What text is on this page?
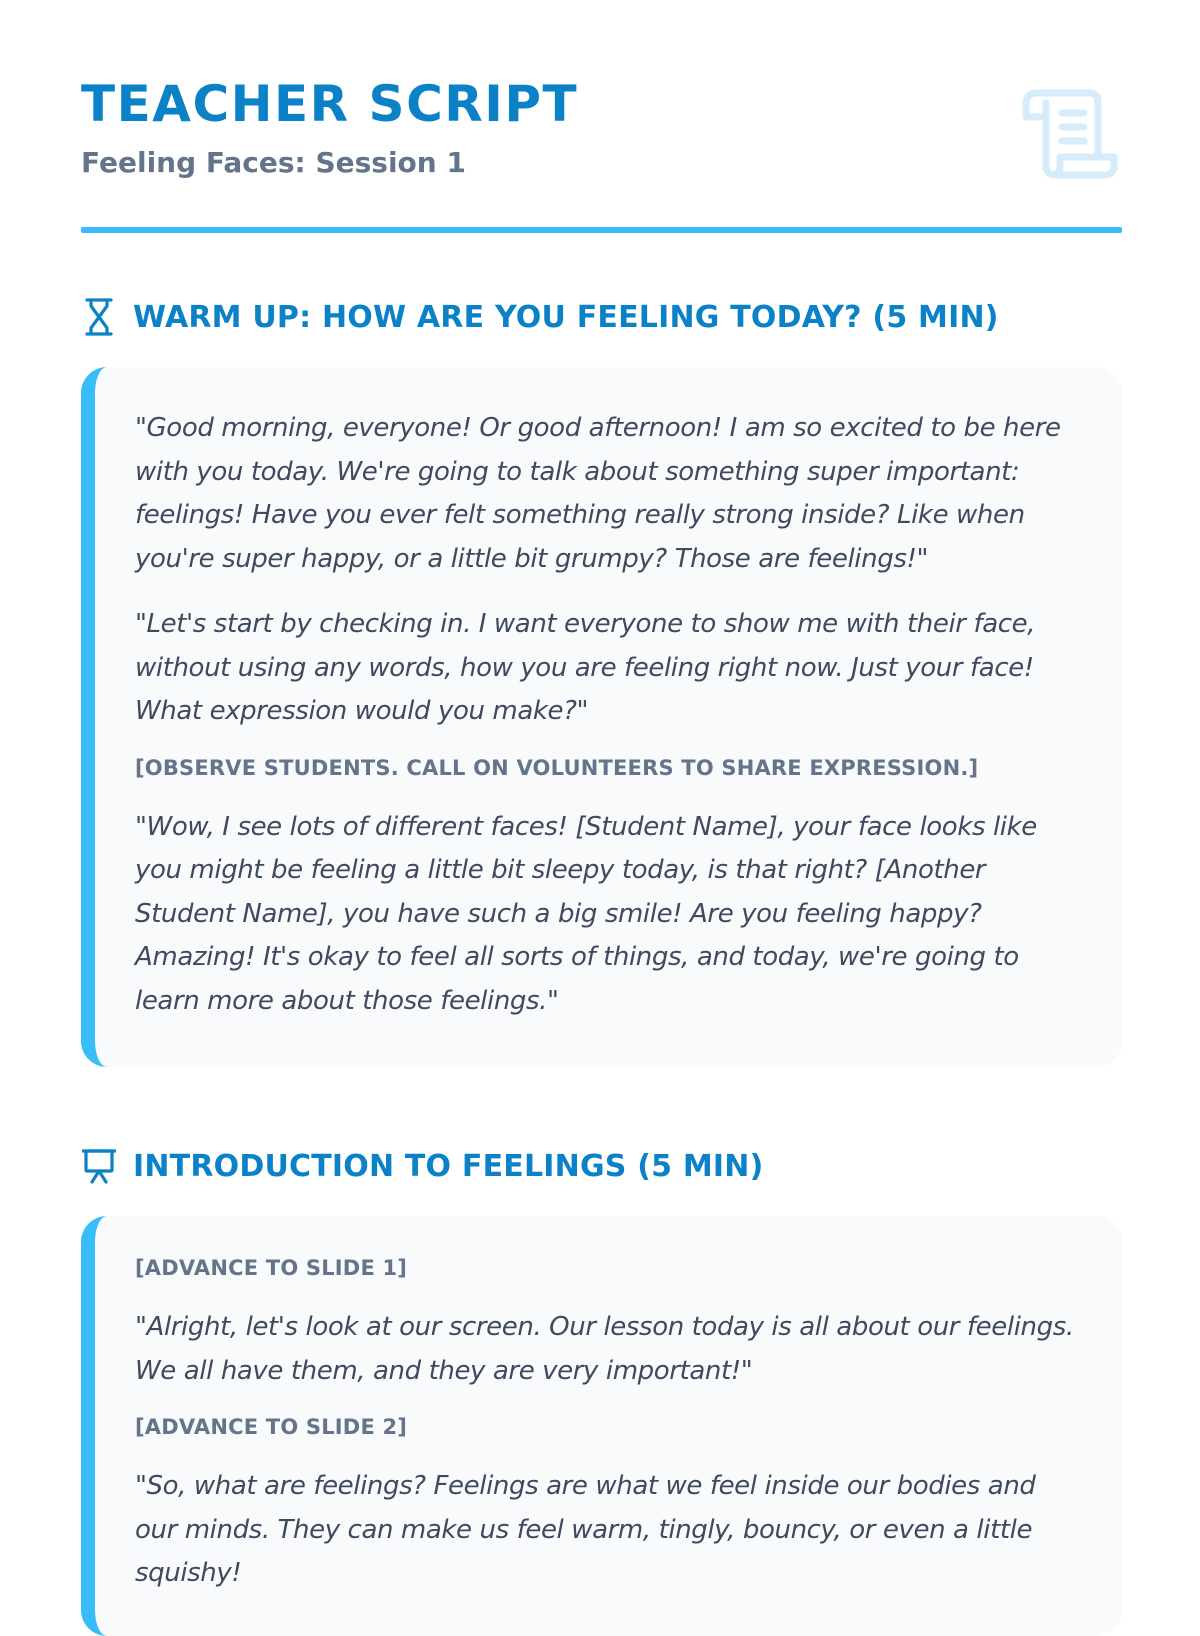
TEACHER SCRIPT
Feeling Faces: Session 1
WARM UP: HOW ARE YOU FEELING TODAY? (5 MIN)

"Good morning, everyone! Or good afternoon! I am so excited to be here with you today. We're going to talk about something super important: feelings! Have you ever felt something really strong inside? Like when you're super happy, or a little bit grumpy? Those are feelings!"

"Let's start by checking in. I want everyone to show me with their face, without using any words, how you are feeling right now. Just your face! What expression would you make?"

[OBSERVE STUDENTS. CALL ON VOLUNTEERS TO SHARE EXPRESSION.]

"Wow, I see lots of different faces! [Student Name], your face looks like you might be feeling a little bit sleepy today, is that right? [Another Student Name], you have such a big smile! Are you feeling happy? Amazing! It's okay to feel all sorts of things, and today, we're going to learn more about those feelings."

INTRODUCTION TO FEELINGS (5 MIN)

[ADVANCE TO SLIDE 1]

"Alright, let's look at our screen. Our lesson today is all about our feelings. We all have them, and they are very important!"

[ADVANCE TO SLIDE 2]

"So, what are feelings? Feelings are what we feel inside our bodies and our minds. They can make us feel warm, tingly, bouncy, or even a little squishy!
